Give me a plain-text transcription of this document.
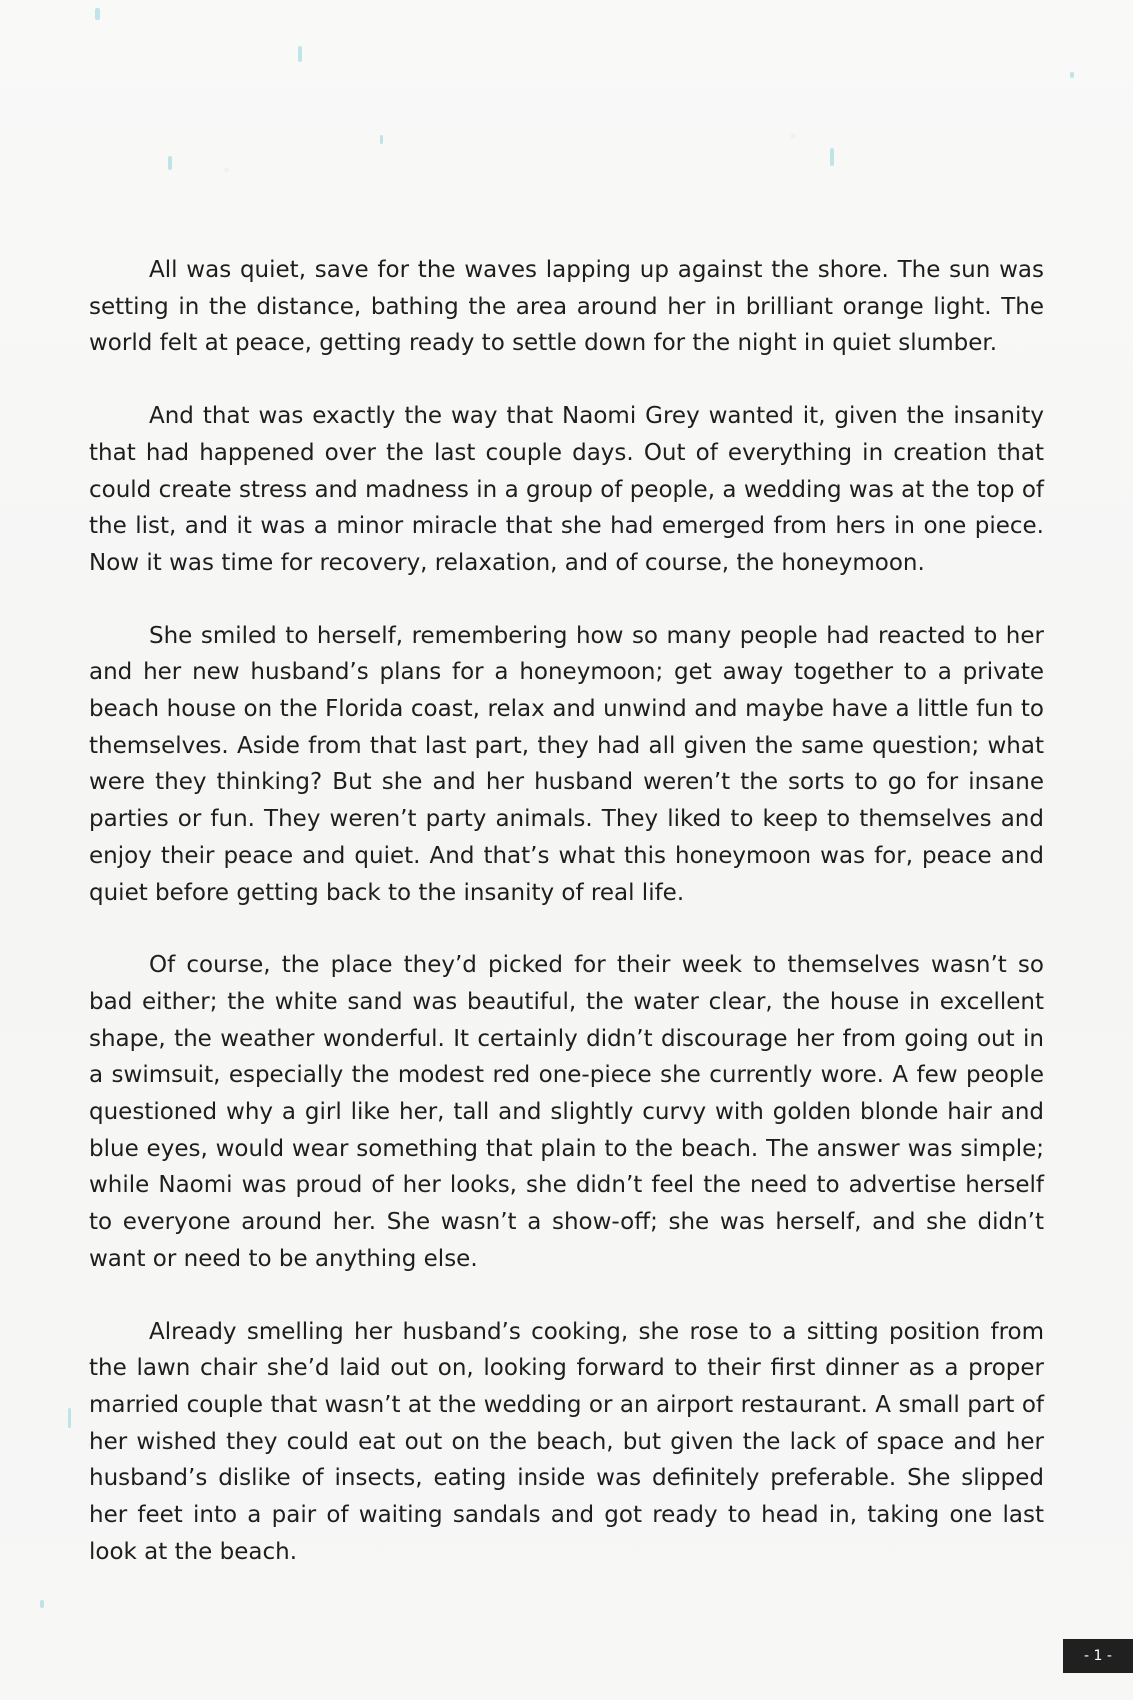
All was quiet, save for the waves lapping up against the shore. The sun was setting in the distance, bathing the area around her in brilliant orange light. The world felt at peace, getting ready to settle down for the night in quiet slumber.

And that was exactly the way that Naomi Grey wanted it, given the insanity that had happened over the last couple days. Out of everything in creation that could create stress and madness in a group of people, a wedding was at the top of the list, and it was a minor miracle that she had emerged from hers in one piece. Now it was time for recovery, relaxation, and of course, the honeymoon.

She smiled to herself, remembering how so many people had reacted to her and her new husband’s plans for a honeymoon; get away together to a private beach house on the Florida coast, relax and unwind and maybe have a little fun to themselves. Aside from that last part, they had all given the same question; what were they thinking? But she and her husband weren’t the sorts to go for insane parties or fun. They weren’t party animals. They liked to keep to themselves and enjoy their peace and quiet. And that’s what this honeymoon was for, peace and quiet before getting back to the insanity of real life.

Of course, the place they’d picked for their week to themselves wasn’t so bad either; the white sand was beautiful, the water clear, the house in excellent shape, the weather wonderful. It certainly didn’t discourage her from going out in a swimsuit, especially the modest red one-piece she currently wore. A few people questioned why a girl like her, tall and slightly curvy with golden blonde hair and blue eyes, would wear something that plain to the beach. The answer was simple; while Naomi was proud of her looks, she didn’t feel the need to advertise herself to everyone around her. She wasn’t a show-off; she was herself, and she didn’t want or need to be anything else.

Already smelling her husband’s cooking, she rose to a sitting position from the lawn chair she’d laid out on, looking forward to their first dinner as a proper married couple that wasn’t at the wedding or an airport restaurant. A small part of her wished they could eat out on the beach, but given the lack of space and her husband’s dislike of insects, eating inside was definitely preferable. She slipped her feet into a pair of waiting sandals and got ready to head in, taking one last look at the beach.

- 1 -
